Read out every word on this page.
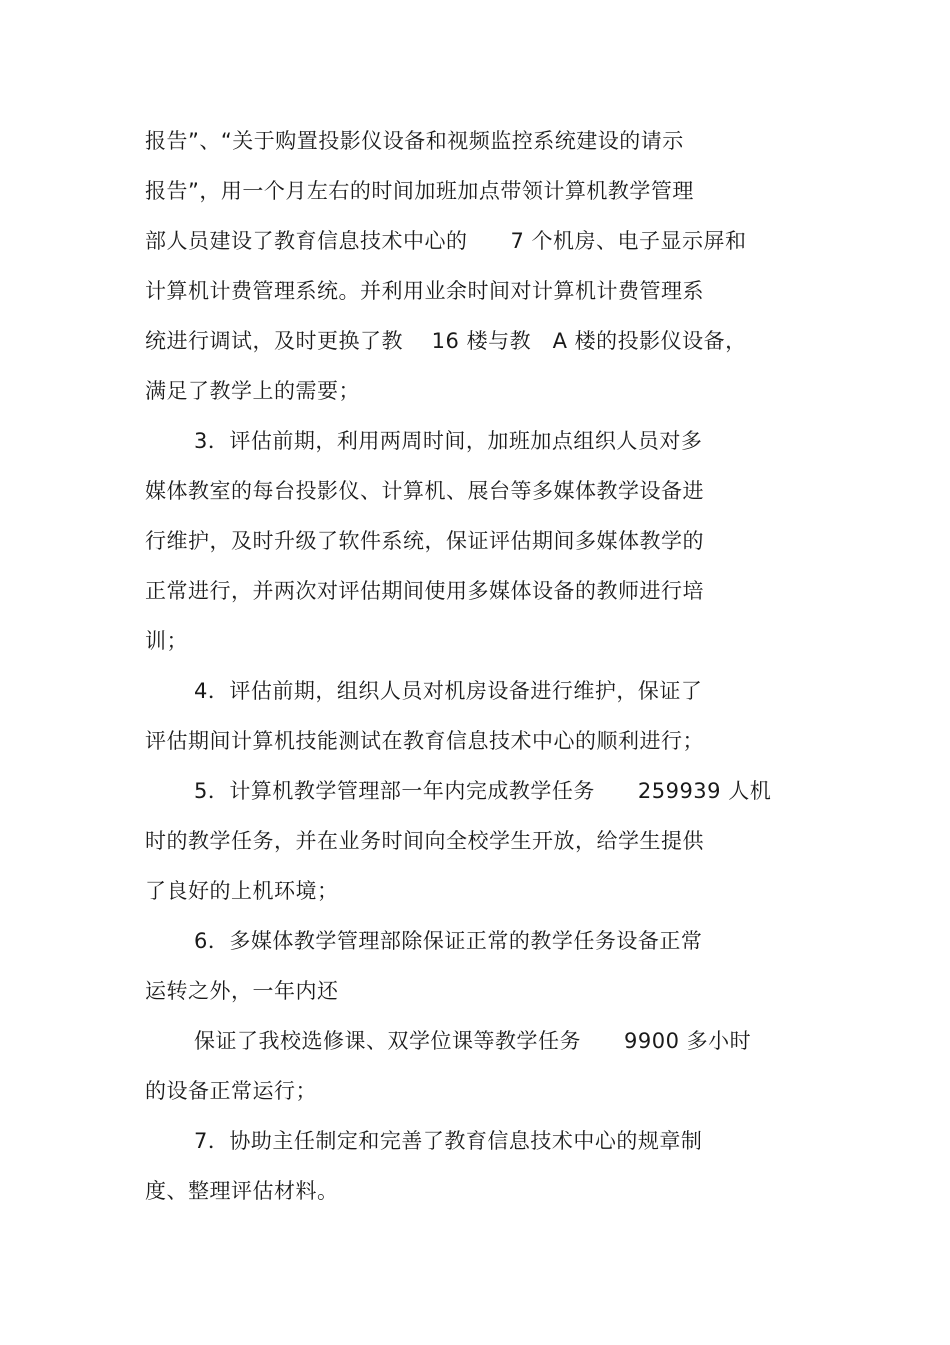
报告”、“关于购置投影仪设备和视频监控系统建设的请示
报告”，用一个月左右的时间加班加点带领计算机教学管理
部人员建设了教育信息技术中心的　　7 个机房、电子显示屏和
计算机计费管理系统。并利用业余时间对计算机计费管理系
统进行调试，及时更换了教　 16 楼与教　A 楼的投影仪设备，
满足了教学上的需要；
3．评估前期，利用两周时间，加班加点组织人员对多
媒体教室的每台投影仪、计算机、展台等多媒体教学设备进
行维护，及时升级了软件系统，保证评估期间多媒体教学的
正常进行，并两次对评估期间使用多媒体设备的教师进行培
训；
4．评估前期，组织人员对机房设备进行维护，保证了
评估期间计算机技能测试在教育信息技术中心的顺利进行；
5．计算机教学管理部一年内完成教学任务　　259939 人机
时的教学任务，并在业务时间向全校学生开放，给学生提供
了良好的上机环境；
6．多媒体教学管理部除保证正常的教学任务设备正常
运转之外，一年内还
保证了我校选修课、双学位课等教学任务　　9900 多小时
的设备正常运行；
7．协助主任制定和完善了教育信息技术中心的规章制
度、整理评估材料。
